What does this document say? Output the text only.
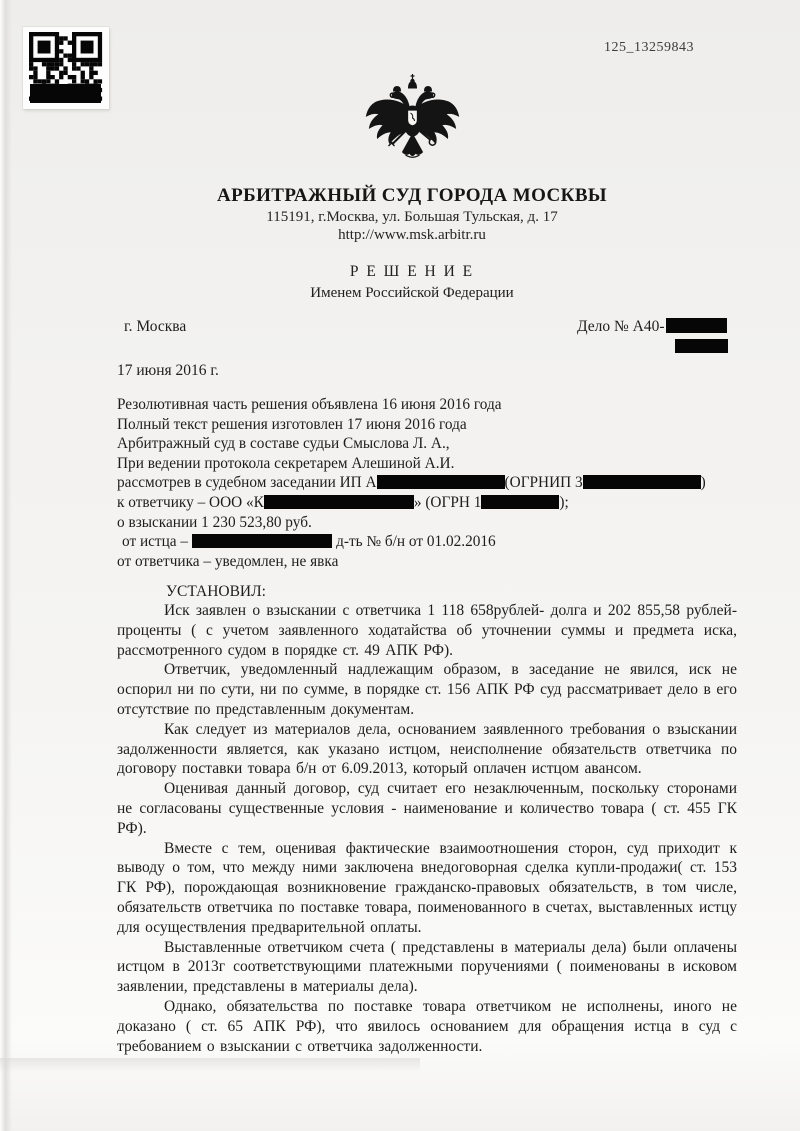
125_13259843
АРБИТРАЖНЫЙ СУД ГОРОДА МОСКВЫ
115191, г.Москва, ул. Большая Тульская, д. 17
http://www.msk.arbitr.ru
Р Е Ш Е Н И Е
Именем Российской Федерации
г. Москва	Дело № А40-
17 июня 2016 г.
Резолютивная часть решения объявлена 16 июня 2016 года
Полный текст решения изготовлен 17 июня 2016 года
Арбитражный суд в составе судьи Смыслова Л. А.,
При ведении протокола секретарем Алешиной А.И.
рассмотрев в судебном заседании ИП А	(ОГРНИП 3	)
к ответчику – ООО «К	» (ОГРН 1	);
о взыскании 1 230 523,80 руб.
от истца –	д-ть № б/н от 01.02.2016
от ответчика – уведомлен, не явка
УСТАНОВИЛ:

Иск заявлен о взыскании с ответчика 1 118 658рублей- долга и 202 855,58 рублей- проценты ( с учетом заявленного ходатайства об уточнении суммы и предмета иска, рассмотренного судом в порядке ст. 49 АПК РФ).

Ответчик, уведомленный надлежащим образом, в заседание не явился, иск не оспорил ни по сути, ни по сумме, в порядке ст. 156 АПК РФ суд рассматривает дело в его отсутствие по представленным документам.

Как следует из материалов дела, основанием заявленного требования о взыскании задолженности является, как указано истцом, неисполнение обязательств ответчика по договору поставки товара б/н от 6.09.2013, который оплачен истцом авансом.

Оценивая данный договор, суд считает его незаключенным, поскольку сторонами не согласованы существенные условия - наименование и количество товара ( ст. 455 ГК РФ).

Вместе с тем, оценивая фактические взаимоотношения сторон, суд приходит к выводу о том, что между ними заключена внедоговорная сделка купли-продажи( ст. 153 ГК РФ), порождающая возникновение гражданско-правовых обязательств, в том числе, обязательств ответчика по поставке товара, поименованного в счетах, выставленных истцу для осуществления предварительной оплаты.

Выставленные ответчиком счета ( представлены в материалы дела) были оплачены истцом в 2013г соответствующими платежными поручениями ( поименованы в исковом заявлении, представлены в материалы дела).

Однако, обязательства по поставке товара ответчиком не исполнены, иного не доказано ( ст. 65 АПК РФ), что явилось основанием для обращения истца в суд с требованием о взыскании с ответчика задолженности.
